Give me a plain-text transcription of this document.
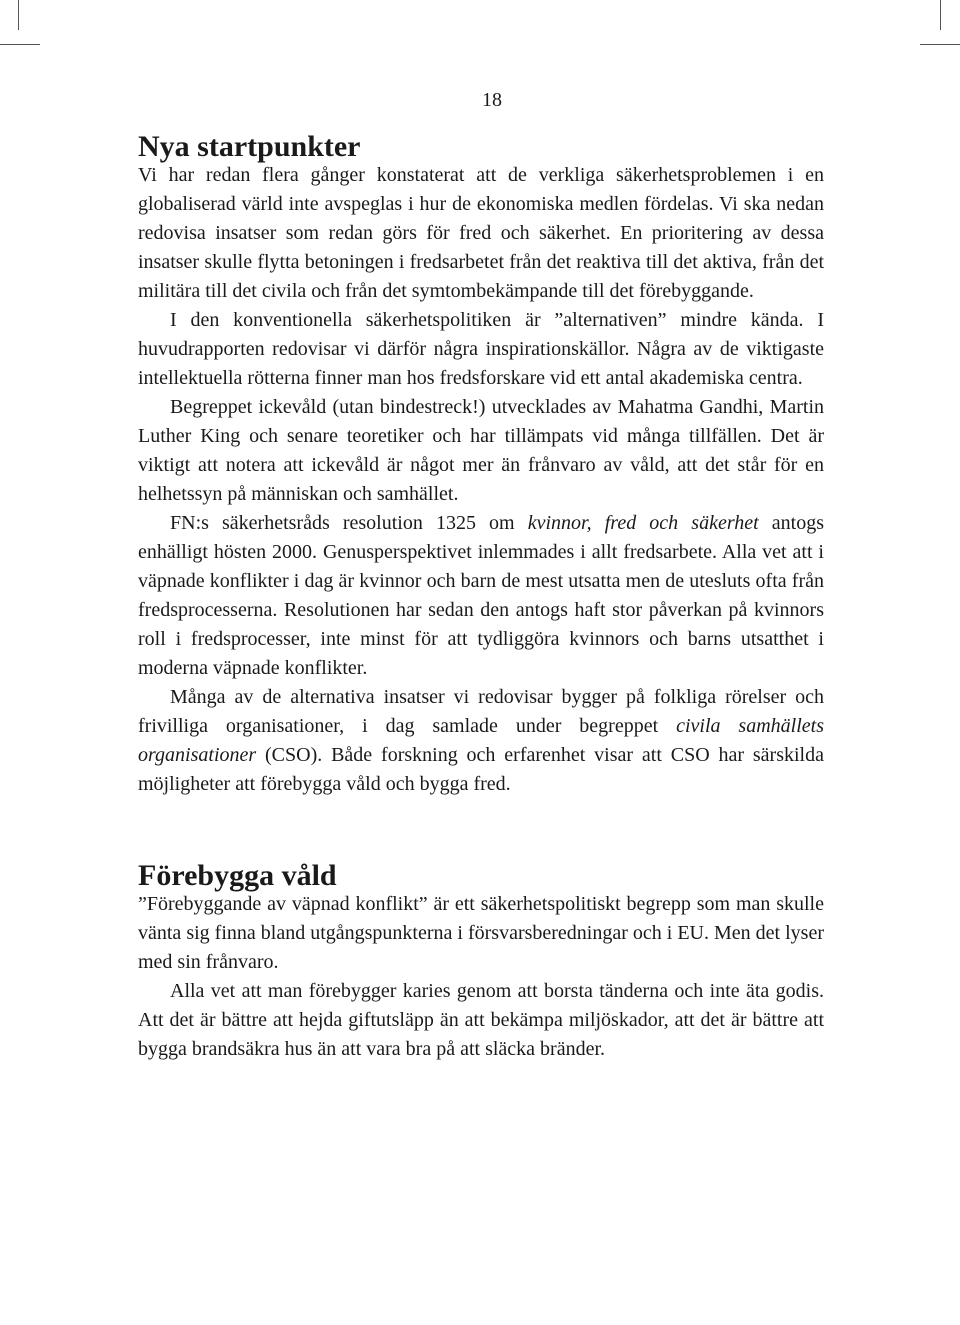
18
Nya startpunkter

Vi har redan flera gånger konstaterat att de verkliga säkerhetsproblemen i en globaliserad värld inte avspeglas i hur de ekonomiska medlen fördelas. Vi ska nedan redovisa insatser som redan görs för fred och säkerhet. En prioritering av dessa insatser skulle flytta betoningen i fredsarbetet från det reaktiva till det aktiva, från det militära till det civila och från det symtombekämpande till det förebyggande.

I den konventionella säkerhetspolitiken är ”alternativen” mindre kända. I huvudrapporten redovisar vi därför några inspirationskällor. Några av de viktigaste intellektuella rötterna finner man hos fredsforskare vid ett antal akademiska centra.

Begreppet ickevåld (utan bindestreck!) utvecklades av Mahatma Gandhi, Martin Luther King och senare teoretiker och har tillämpats vid många tillfällen. Det är viktigt att notera att ickevåld är något mer än frånvaro av våld, att det står för en helhetssyn på människan och samhället.

FN:s säkerhetsråds resolution 1325 om kvinnor, fred och säkerhet antogs enhälligt hösten 2000. Genusperspektivet inlemmades i allt fredsarbete. Alla vet att i väpnade konflikter i dag är kvinnor och barn de mest utsatta men de utesluts ofta från fredsprocesserna. Resolutionen har sedan den antogs haft stor påverkan på kvinnors roll i fredsprocesser, inte minst för att tydliggöra kvinnors och barns utsatthet i moderna väpnade konflikter.

Många av de alternativa insatser vi redovisar bygger på folkliga rörelser och frivilliga organisationer, i dag samlade under begreppet civila samhällets organisationer (CSO). Både forskning och erfarenhet visar att CSO har särskilda möjligheter att förebygga våld och bygga fred.

Förebygga våld

”Förebyggande av väpnad konflikt” är ett säkerhetspolitiskt begrepp som man skulle vänta sig finna bland utgångspunkterna i försvarsberedningar och i EU. Men det lyser med sin frånvaro.

Alla vet att man förebygger karies genom att borsta tänderna och inte äta godis. Att det är bättre att hejda giftutsläpp än att bekämpa miljöskador, att det är bättre att bygga brandsäkra hus än att vara bra på att släcka bränder.
